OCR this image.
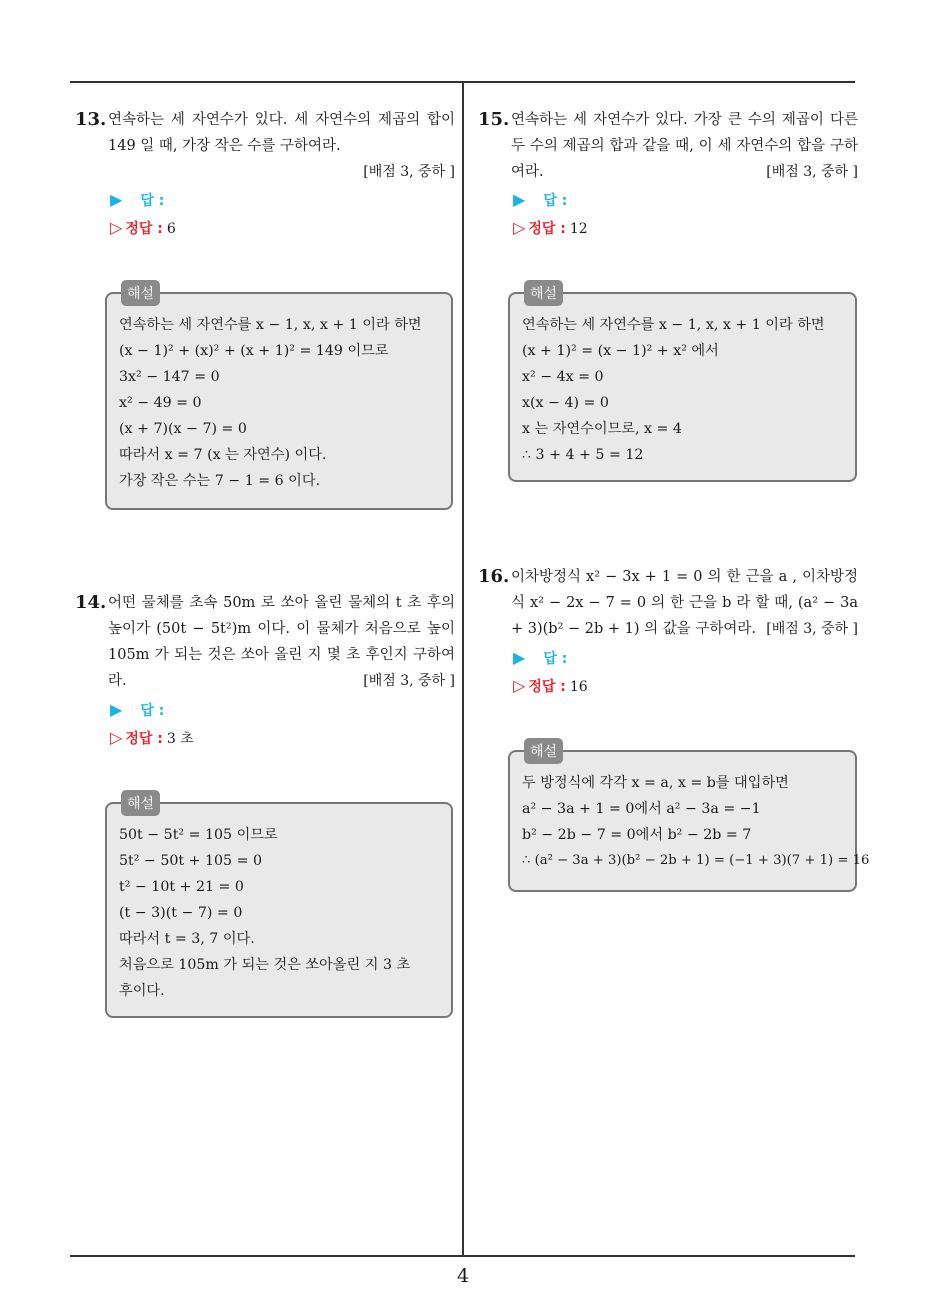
13. 연속하는 세 자연수가 있다. 세 자연수의 제곱의 합이 149 일 때, 가장 작은 수를 구하여라.
[배점 3, 중하 ]
▶ 답 :
▷ 정답 : 6
해설
연속하는 세 자연수를 x − 1, x, x + 1 이라 하면
(x − 1)² + (x)² + (x + 1)² = 149 이므로
3x² − 147 = 0
x² − 49 = 0
(x + 7)(x − 7) = 0
따라서 x = 7 (x 는 자연수) 이다.
가장 작은 수는 7 − 1 = 6 이다.
14. 어떤 물체를 초속 50m 로 쏘아 올린 물체의 t 초 후의 높이가 (50t − 5t²)m 이다. 이 물체가 처음으로 높이 105m 가 되는 것은 쏘아 올린 지 몇 초 후인지 구하여라.	[배점 3, 중하 ]
▶ 답 :
▷ 정답 : 3 초
해설
50t − 5t² = 105 이므로
5t² − 50t + 105 = 0
t² − 10t + 21 = 0
(t − 3)(t − 7) = 0
따라서 t = 3, 7 이다.
처음으로 105m 가 되는 것은 쏘아올린 지 3 초
후이다.
15. 연속하는 세 자연수가 있다. 가장 큰 수의 제곱이 다른 두 수의 제곱의 합과 같을 때, 이 세 자연수의 합을 구하여라.	[배점 3, 중하 ]
▶ 답 :
▷ 정답 : 12
해설
연속하는 세 자연수를 x − 1, x, x + 1 이라 하면
(x + 1)² = (x − 1)² + x² 에서
x² − 4x = 0
x(x − 4) = 0
x 는 자연수이므로, x = 4
∴ 3 + 4 + 5 = 12
16. 이차방정식 x² − 3x + 1 = 0 의 한 근을 a , 이차방정식 x² − 2x − 7 = 0 의 한 근을 b 라 할 때, (a² − 3a + 3)(b² − 2b + 1) 의 값을 구하여라. [배점 3, 중하 ]
▶ 답 :
▷ 정답 : 16
해설
두 방정식에 각각 x = a, x = b를 대입하면
a² − 3a + 1 = 0에서 a² − 3a = −1
b² − 2b − 7 = 0에서 b² − 2b = 7
∴ (a² − 3a + 3)(b² − 2b + 1) = (−1 + 3)(7 + 1) = 16
4
